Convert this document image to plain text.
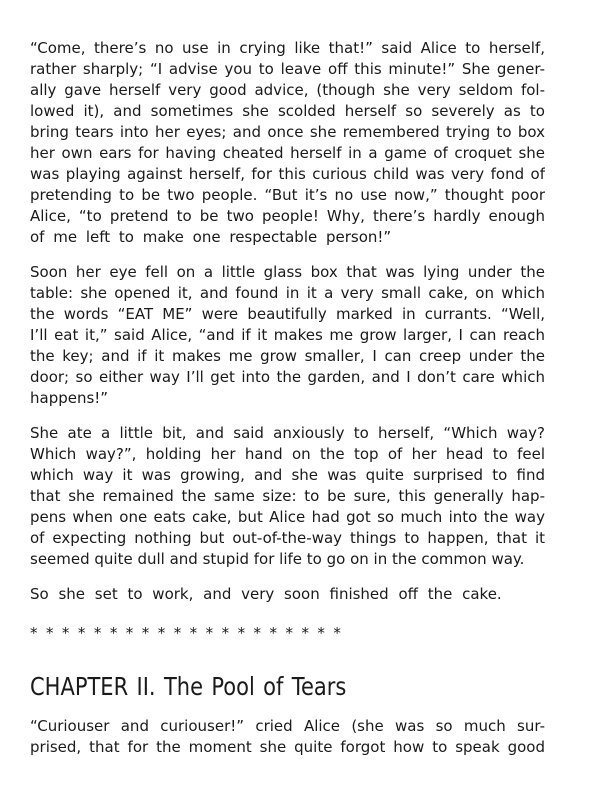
“Come, there’s no use in crying like that!” said Alice to herself,
rather sharply; “I advise you to leave off this minute!” She gener-
ally gave herself very good advice, (though she very seldom fol-
lowed it), and sometimes she scolded herself so severely as to
bring tears into her eyes; and once she remembered trying to box
her own ears for having cheated herself in a game of croquet she
was playing against herself, for this curious child was very fond of
pretending to be two people. “But it’s no use now,” thought poor
Alice, “to pretend to be two people! Why, there’s hardly enough
of me left to make one respectable person!”

Soon her eye fell on a little glass box that was lying under the
table: she opened it, and found in it a very small cake, on which
the words “EAT ME” were beautifully marked in currants. “Well,
I’ll eat it,” said Alice, “and if it makes me grow larger, I can reach
the key; and if it makes me grow smaller, I can creep under the
door; so either way I’ll get into the garden, and I don’t care which
happens!”

She ate a little bit, and said anxiously to herself, “Which way?
Which way?”, holding her hand on the top of her head to feel
which way it was growing, and she was quite surprised to find
that she remained the same size: to be sure, this generally hap-
pens when one eats cake, but Alice had got so much into the way
of expecting nothing but out-of-the-way things to happen, that it
seemed quite dull and stupid for life to go on in the common way.

So she set to work, and very soon finished off the cake.

* * * * * * * * * * * * * * * * * * * *

CHAPTER II. The Pool of Tears

“Curiouser and curiouser!” cried Alice (she was so much sur-
prised, that for the moment she quite forgot how to speak good
